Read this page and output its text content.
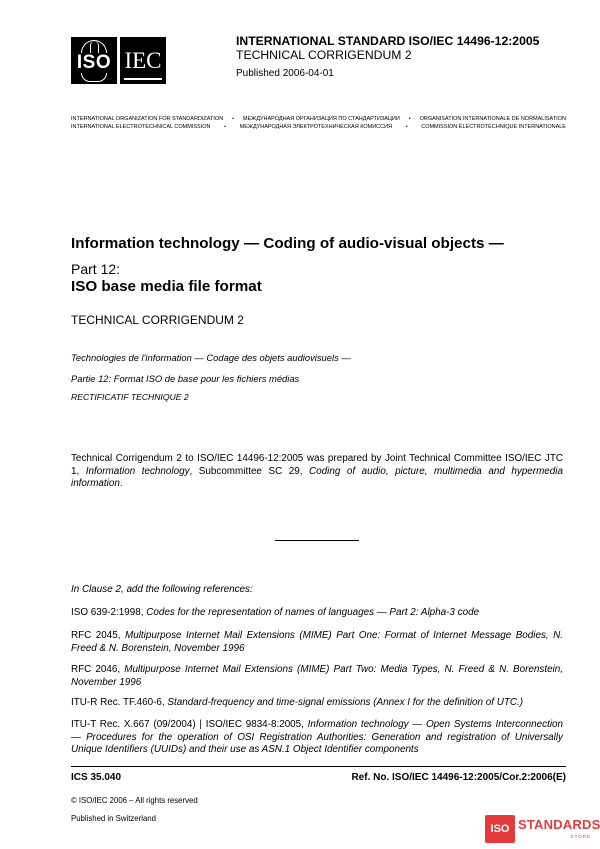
ISO IEC
INTERNATIONAL STANDARD ISO/IEC 14496-12:2005
TECHNICAL CORRIGENDUM 2
Published 2006-04-01
INTERNATIONAL ORGANIZATION FOR STANDARDIZATION • МЕЖДУНАРОДНАЯ ОРГАНИЗАЦИЯ ПО СТАНДАРТИЗАЦИИ • ORGANISATION INTERNATIONALE DE NORMALISATION
INTERNATIONAL ELECTROTECHNICAL COMMISSION • МЕЖДУНАРОДНАЯ ЭЛЕКТРОТЕХНИЧЕСКАЯ КОМИССИЯ • COMMISSION ÉLECTROTECHNIQUE INTERNATIONALE
Information technology — Coding of audio-visual objects —
Part 12:
ISO base media file format
TECHNICAL CORRIGENDUM 2
Technologies de l'information — Codage des objets audiovisuels —
Partie 12: Format ISO de base pour les fichiers médias
RECTIFICATIF TECHNIQUE 2
Technical Corrigendum 2 to ISO/IEC 14496-12:2005 was prepared by Joint Technical Committee ISO/IEC JTC 1, Information technology, Subcommittee SC 29, Coding of audio, picture, multimedia and hypermedia information.
In Clause 2, add the following references:
ISO 639-2:1998, Codes for the representation of names of languages — Part 2: Alpha-3 code
RFC 2045, Multipurpose Internet Mail Extensions (MIME) Part One: Format of Internet Message Bodies, N. Freed & N. Borenstein, November 1996
RFC 2046, Multipurpose Internet Mail Extensions (MIME) Part Two: Media Types, N. Freed & N. Borenstein, November 1996
ITU-R Rec. TF.460-6, Standard-frequency and time-signal emissions (Annex I for the definition of UTC.)
ITU-T Rec. X.667 (09/2004) | ISO/IEC 9834-8:2005, Information technology — Open Systems Interconnection — Procedures for the operation of OSI Registration Authorities: Generation and registration of Universally Unique Identifiers (UUIDs) and their use as ASN.1 Object Identifier components
ICS 35.040	Ref. No. ISO/IEC 14496-12:2005/Cor.2:2006(E)
© ISO/IEC 2006 – All rights reserved
Published in Switzerland
ISO STANDARDS
STORE
